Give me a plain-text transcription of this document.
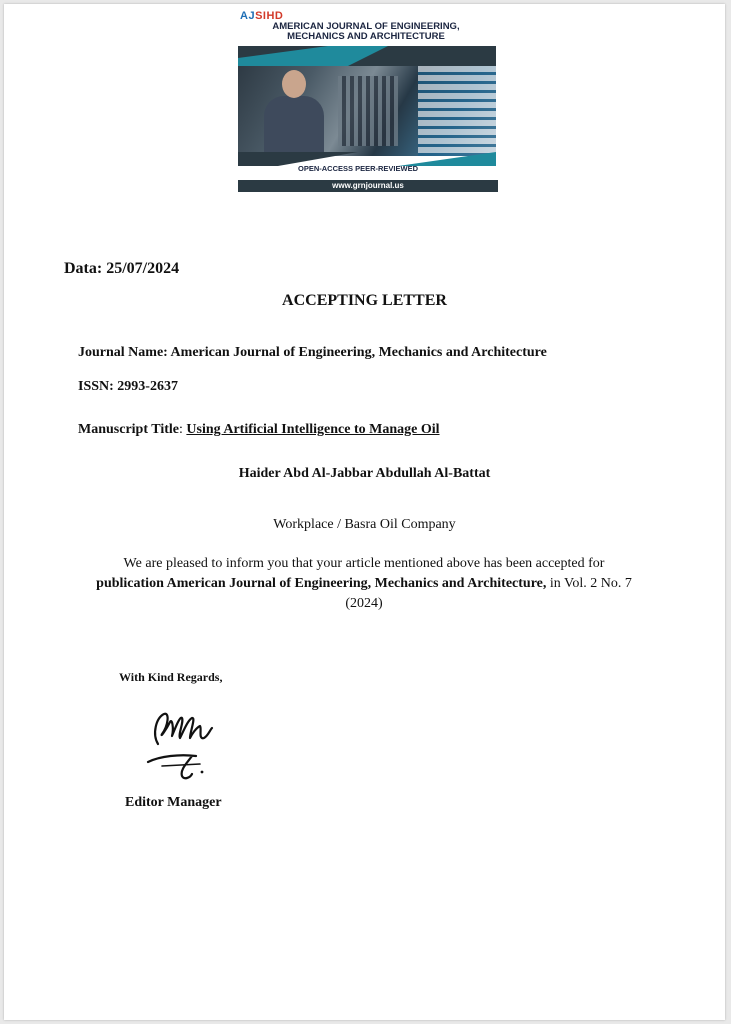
AJSIHD
AMERICAN JOURNAL OF ENGINEERING,
MECHANICS AND ARCHITECTURE
OPEN-ACCESS PEER-REVIEWED
www.grnjournal.us
Data: 25/07/2024
ACCEPTING LETTER
Journal Name: American Journal of Engineering, Mechanics and Architecture
ISSN: 2993-2637
Manuscript Title: Using Artificial Intelligence to Manage Oil
Haider Abd Al-Jabbar Abdullah Al-Battat
Workplace / Basra Oil Company
We are pleased to inform you that your article mentioned above has been accepted for
publication American Journal of Engineering, Mechanics and Architecture, in Vol. 2 No. 7 (2024)
With Kind Regards,
Editor Manager
